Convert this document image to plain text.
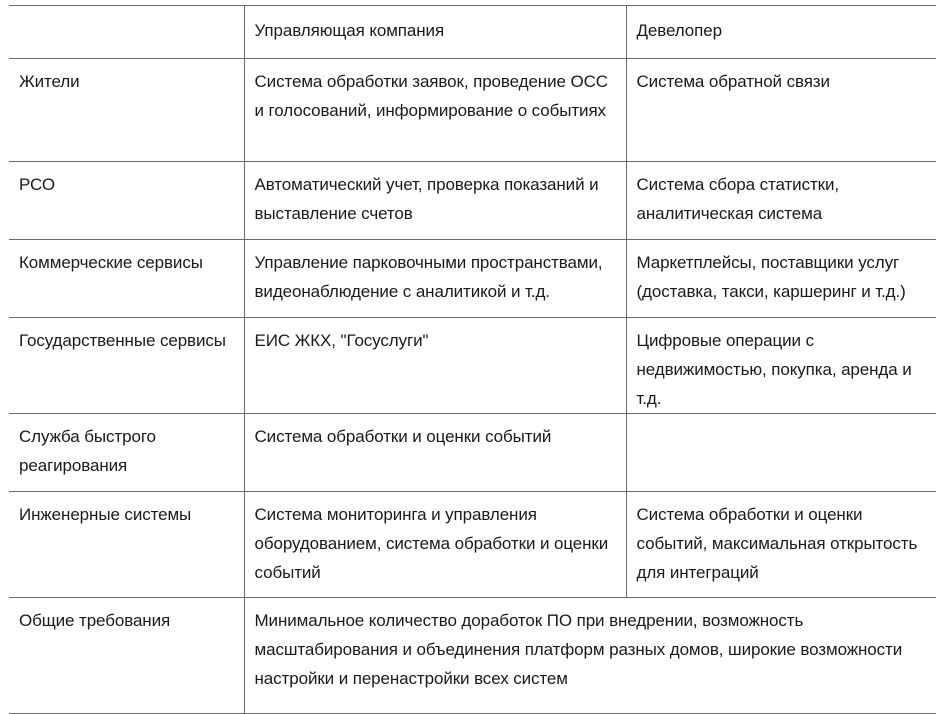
	Управляющая компания	Девелопер
Жители	Система обработки заявок, проведение ОСС и голосований, информирование о событиях	Система обратной связи
РСО	Автоматический учет, проверка показаний и выставление счетов	Система сбора статистки, аналитическая система
Коммерческие сервисы	Управление парковочными пространствами, видеонаблюдение с аналитикой и т.д.	Маркетплейсы, поставщики услуг (доставка, такси, каршеринг и т.д.)
Государственные сервисы	ЕИС ЖКХ, "Госуслуги"	Цифровые операции с недвижимостью, покупка, аренда и т.д.
Служба быстрого реагирования	Система обработки и оценки событий	
Инженерные системы	Система мониторинга и управления оборудованием, система обработки и оценки событий	Система обработки и оценки событий, максимальная открытость для интеграций
Общие требования	Минимальное количество доработок ПО при внедрении, возможность масштабирования и объединения платформ разных домов, широкие возможности настройки и перенастройки всех систем	
